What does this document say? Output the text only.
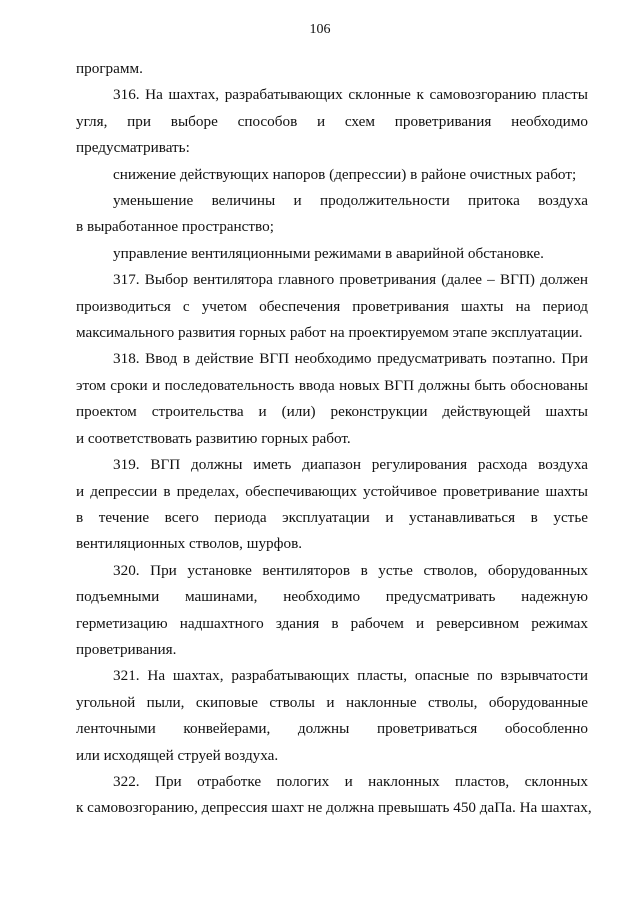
106
программ.
316. На шахтах, разрабатывающих склонные к самовозгоранию пласты
угля, при выборе способов и схем проветривания необходимо
предусматривать:
снижение действующих напоров (депрессии) в районе очистных работ;
уменьшение величины и продолжительности притока воздуха
в выработанное пространство;
управление вентиляционными режимами в аварийной обстановке.
317. Выбор вентилятора главного проветривания (далее – ВГП) должен
производиться с учетом обеспечения проветривания шахты на период
максимального развития горных работ на проектируемом этапе эксплуатации.
318. Ввод в действие ВГП необходимо предусматривать поэтапно. При
этом сроки и последовательность ввода новых ВГП должны быть обоснованы
проектом строительства и (или) реконструкции действующей шахты
и соответствовать развитию горных работ.
319. ВГП должны иметь диапазон регулирования расхода воздуха
и депрессии в пределах, обеспечивающих устойчивое проветривание шахты
в течение всего периода эксплуатации и устанавливаться в устье
вентиляционных стволов, шурфов.
320. При установке вентиляторов в устье стволов, оборудованных
подъемными машинами, необходимо предусматривать надежную
герметизацию надшахтного здания в рабочем и реверсивном режимах
проветривания.
321. На шахтах, разрабатывающих пласты, опасные по взрывчатости
угольной пыли, скиповые стволы и наклонные стволы, оборудованные
ленточными конвейерами, должны проветриваться обособленно
или исходящей струей воздуха.
322. При отработке пологих и наклонных пластов, склонных
к самовозгоранию, депрессия шахт не должна превышать 450 даПа. На шахтах,
